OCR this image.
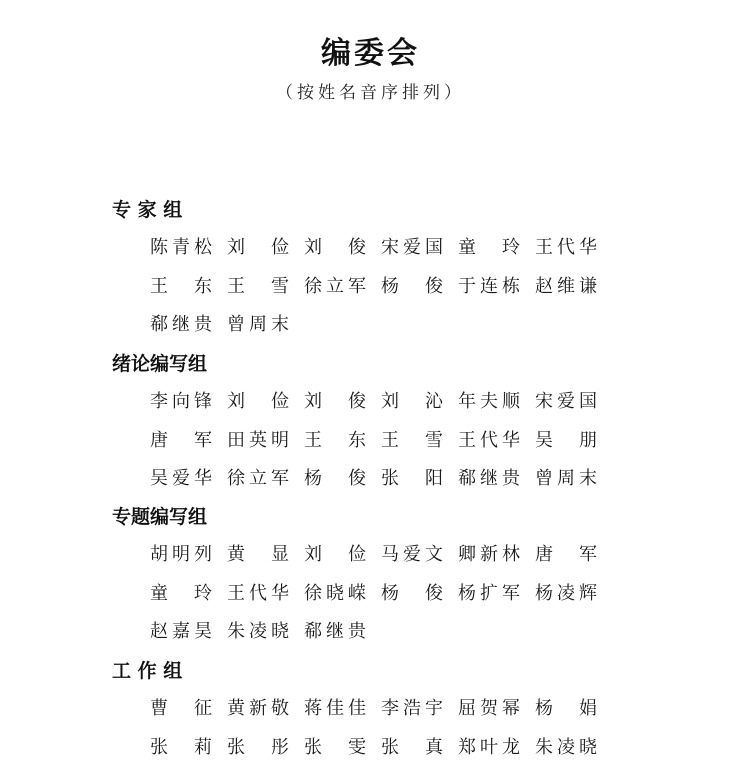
编委会
（按姓名音序排列）
专 家 组
陈青松 刘 俭 刘 俊 宋爱国 童 玲 王代华
王 东 王 雪 徐立军 杨 俊 于连栋 赵维谦
郗继贵 曾周末
绪论编写组
李向锋 刘 俭 刘 俊 刘 沁 年夫顺 宋爱国
唐 军 田英明 王 东 王 雪 王代华 吴 朋
吴爱华 徐立军 杨 俊 张 阳 郗继贵 曾周末
专题编写组
胡明列 黄 显 刘 俭 马爱文 卿新林 唐 军
童 玲 王代华 徐晓嵘 杨 俊 杨扩军 杨凌辉
赵嘉昊 朱凌晓 郗继贵
工 作 组
曹 征 黄新敬 蒋佳佳 李浩宇 屈贺幂 杨 娟
张 莉 张 彤 张 雯 张 真 郑叶龙 朱凌晓
